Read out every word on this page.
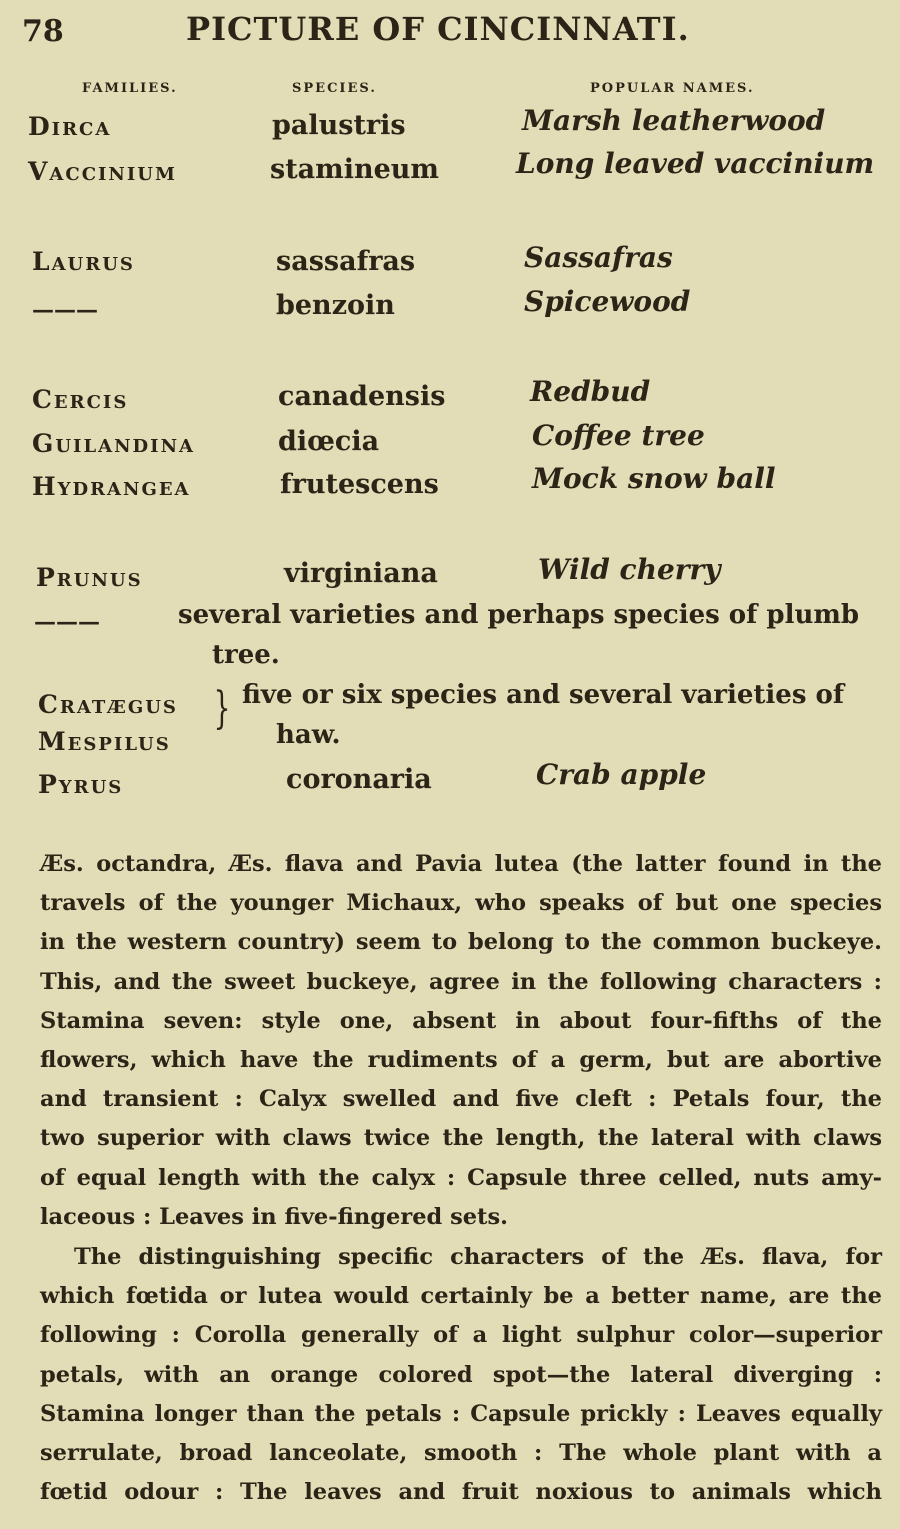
78	PICTURE OF CINCINNATI.
FAMILIES.	SPECIES.	POPULAR NAMES.
Dirca	palustris	Marsh leatherwood
Vaccinium	stamineum	Long leaved vaccinium
Laurus	sassafras	Sassafras
———	benzoin	Spicewood
Cercis	canadensis	Redbud
Guilandina	diœcia	Coffee tree
Hydrangea	frutescens	Mock snow ball
Prunus	virginiana	Wild cherry
———	several varieties and perhaps species of plumb
tree.
Cratægus
Mespilus
} five or six species and several varieties of
haw.
Pyrus	coronaria	Crab apple
Æs. octandra, Æs. flava and Pavia lutea (the latter found in the
travels of the younger Michaux, who speaks of but one species
in the western country) seem to belong to the common buckeye.
This, and the sweet buckeye, agree in the following characters :
Stamina seven: style one, absent in about four-fifths of the
flowers, which have the rudiments of a germ, but are abortive
and transient : Calyx swelled and five cleft : Petals four, the
two superior with claws twice the length, the lateral with claws
of equal length with the calyx : Capsule three celled, nuts amy-
laceous : Leaves in five-fingered sets.
The distinguishing specific characters of the Æs. flava, for
which fœtida or lutea would certainly be a better name, are the
following : Corolla generally of a light sulphur color—superior
petals, with an orange colored spot—the lateral diverging :
Stamina longer than the petals : Capsule prickly : Leaves equally
serrulate, broad lanceolate, smooth : The whole plant with a
fœtid odour : The leaves and fruit noxious to animals which
